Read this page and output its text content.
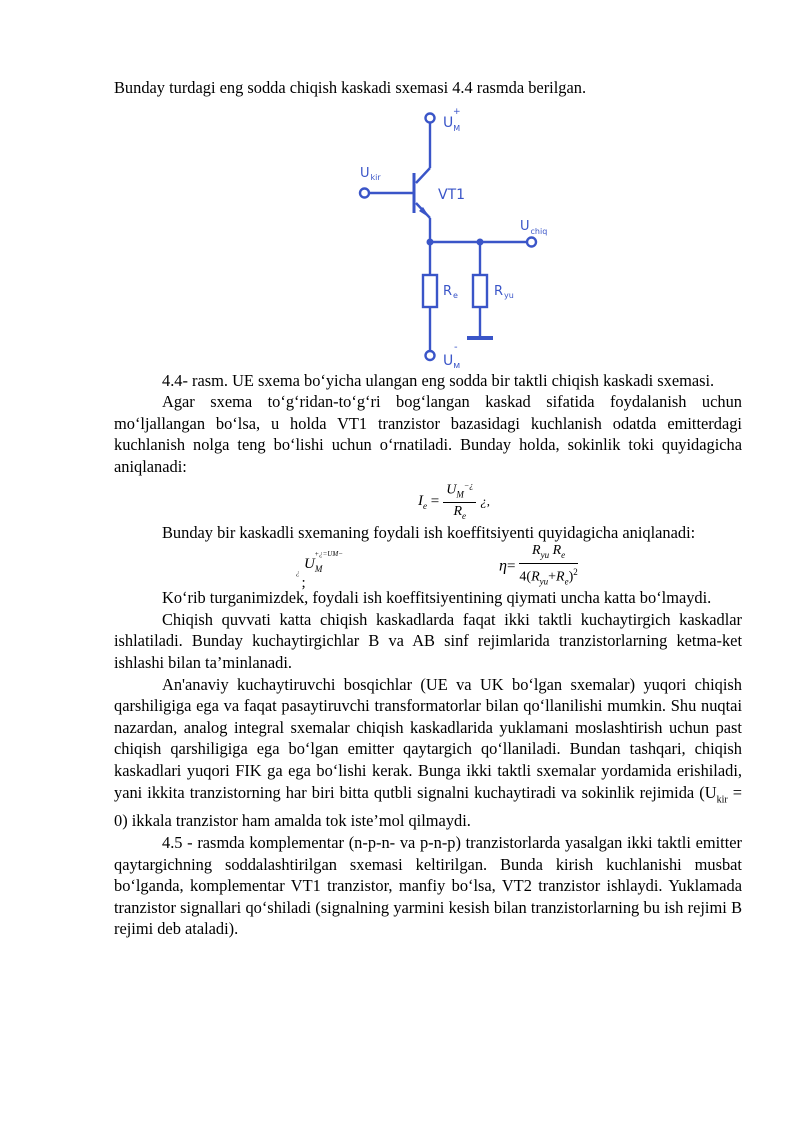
Bunday turdagi eng sodda chiqish kaskadi sxemasi 4.4 rasmda berilgan.

$U_M$
+
$U_{kir}$
VT1
$U_{chiq}$
$R_e$	$R_{yu}$
$U_M$
-

4.4- rasm. UE sxema bo‘yicha ulangan eng sodda bir taktli chiqish kaskadi sxemasi.

Agar sxema to‘g‘ridan-to‘g‘ri bog‘langan kaskad sifatida foydalanish uchun mo‘ljallangan bo‘lsa, u holda VT1 tranzistor bazasidagi kuchlanish odatda emitterdagi kuchlanish nolga teng bo‘lishi uchun o‘rnatiladi. Bunday holda, sokinlik toki quyidagicha aniqlanadi:

$I_e = \frac{U_M^{-¿}}{R_e}$ ¿,

Bunday bir kaskadli sxemaning foydali ish koeffitsiyenti quyidagicha aniqlanadi:

$U_M^{+¿=UM-¿}$;
$\eta= \frac{R_{yu} R_e}{4(R_{yu}+R_e)^2}$

Ko‘rib turganimizdek, foydali ish koeffitsiyentining qiymati uncha katta bo‘lmaydi.

Chiqish quvvati katta chiqish kaskadlarda faqat ikki taktli kuchaytirgich kaskadlar ishlatiladi. Bunday kuchaytirgichlar B va AB sinf rejimlarida tranzistorlarning ketma-ket ishlashi bilan ta’minlanadi.

An'anaviy kuchaytiruvchi bosqichlar (UE va UK bo‘lgan sxemalar) yuqori chiqish qarshiligiga ega va faqat pasaytiruvchi transformatorlar bilan qo‘llanilishi mumkin. Shu nuqtai nazardan, analog integral sxemalar chiqish kaskadlarida yuklamani moslashtirish uchun past chiqish qarshiligiga ega bo‘lgan emitter qaytargich qo‘llaniladi. Bundan tashqari, chiqish kaskadlari yuqori FIK ga ega bo‘lishi kerak. Bunga ikki taktli sxemalar yordamida erishiladi, yani ikkita tranzistorning har biri bitta qutbli signalni kuchaytiradi va sokinlik rejimida $(U_{kir} = 0)$ ikkala tranzistor ham amalda tok iste’mol qilmaydi.

4.5 - rasmda komplementar (n-p-n- va p-n-p) tranzistorlarda yasalgan ikki taktli emitter qaytargichning soddalashtirilgan sxemasi keltirilgan. Bunda kirish kuchlanishi musbat bo‘lganda, komplementar VT1 tranzistor, manfiy bo‘lsa, VT2 tranzistor ishlaydi. Yuklamada tranzistor signallari qo‘shiladi (signalning yarmini kesish bilan tranzistorlarning bu ish rejimi B rejimi deb ataladi).
